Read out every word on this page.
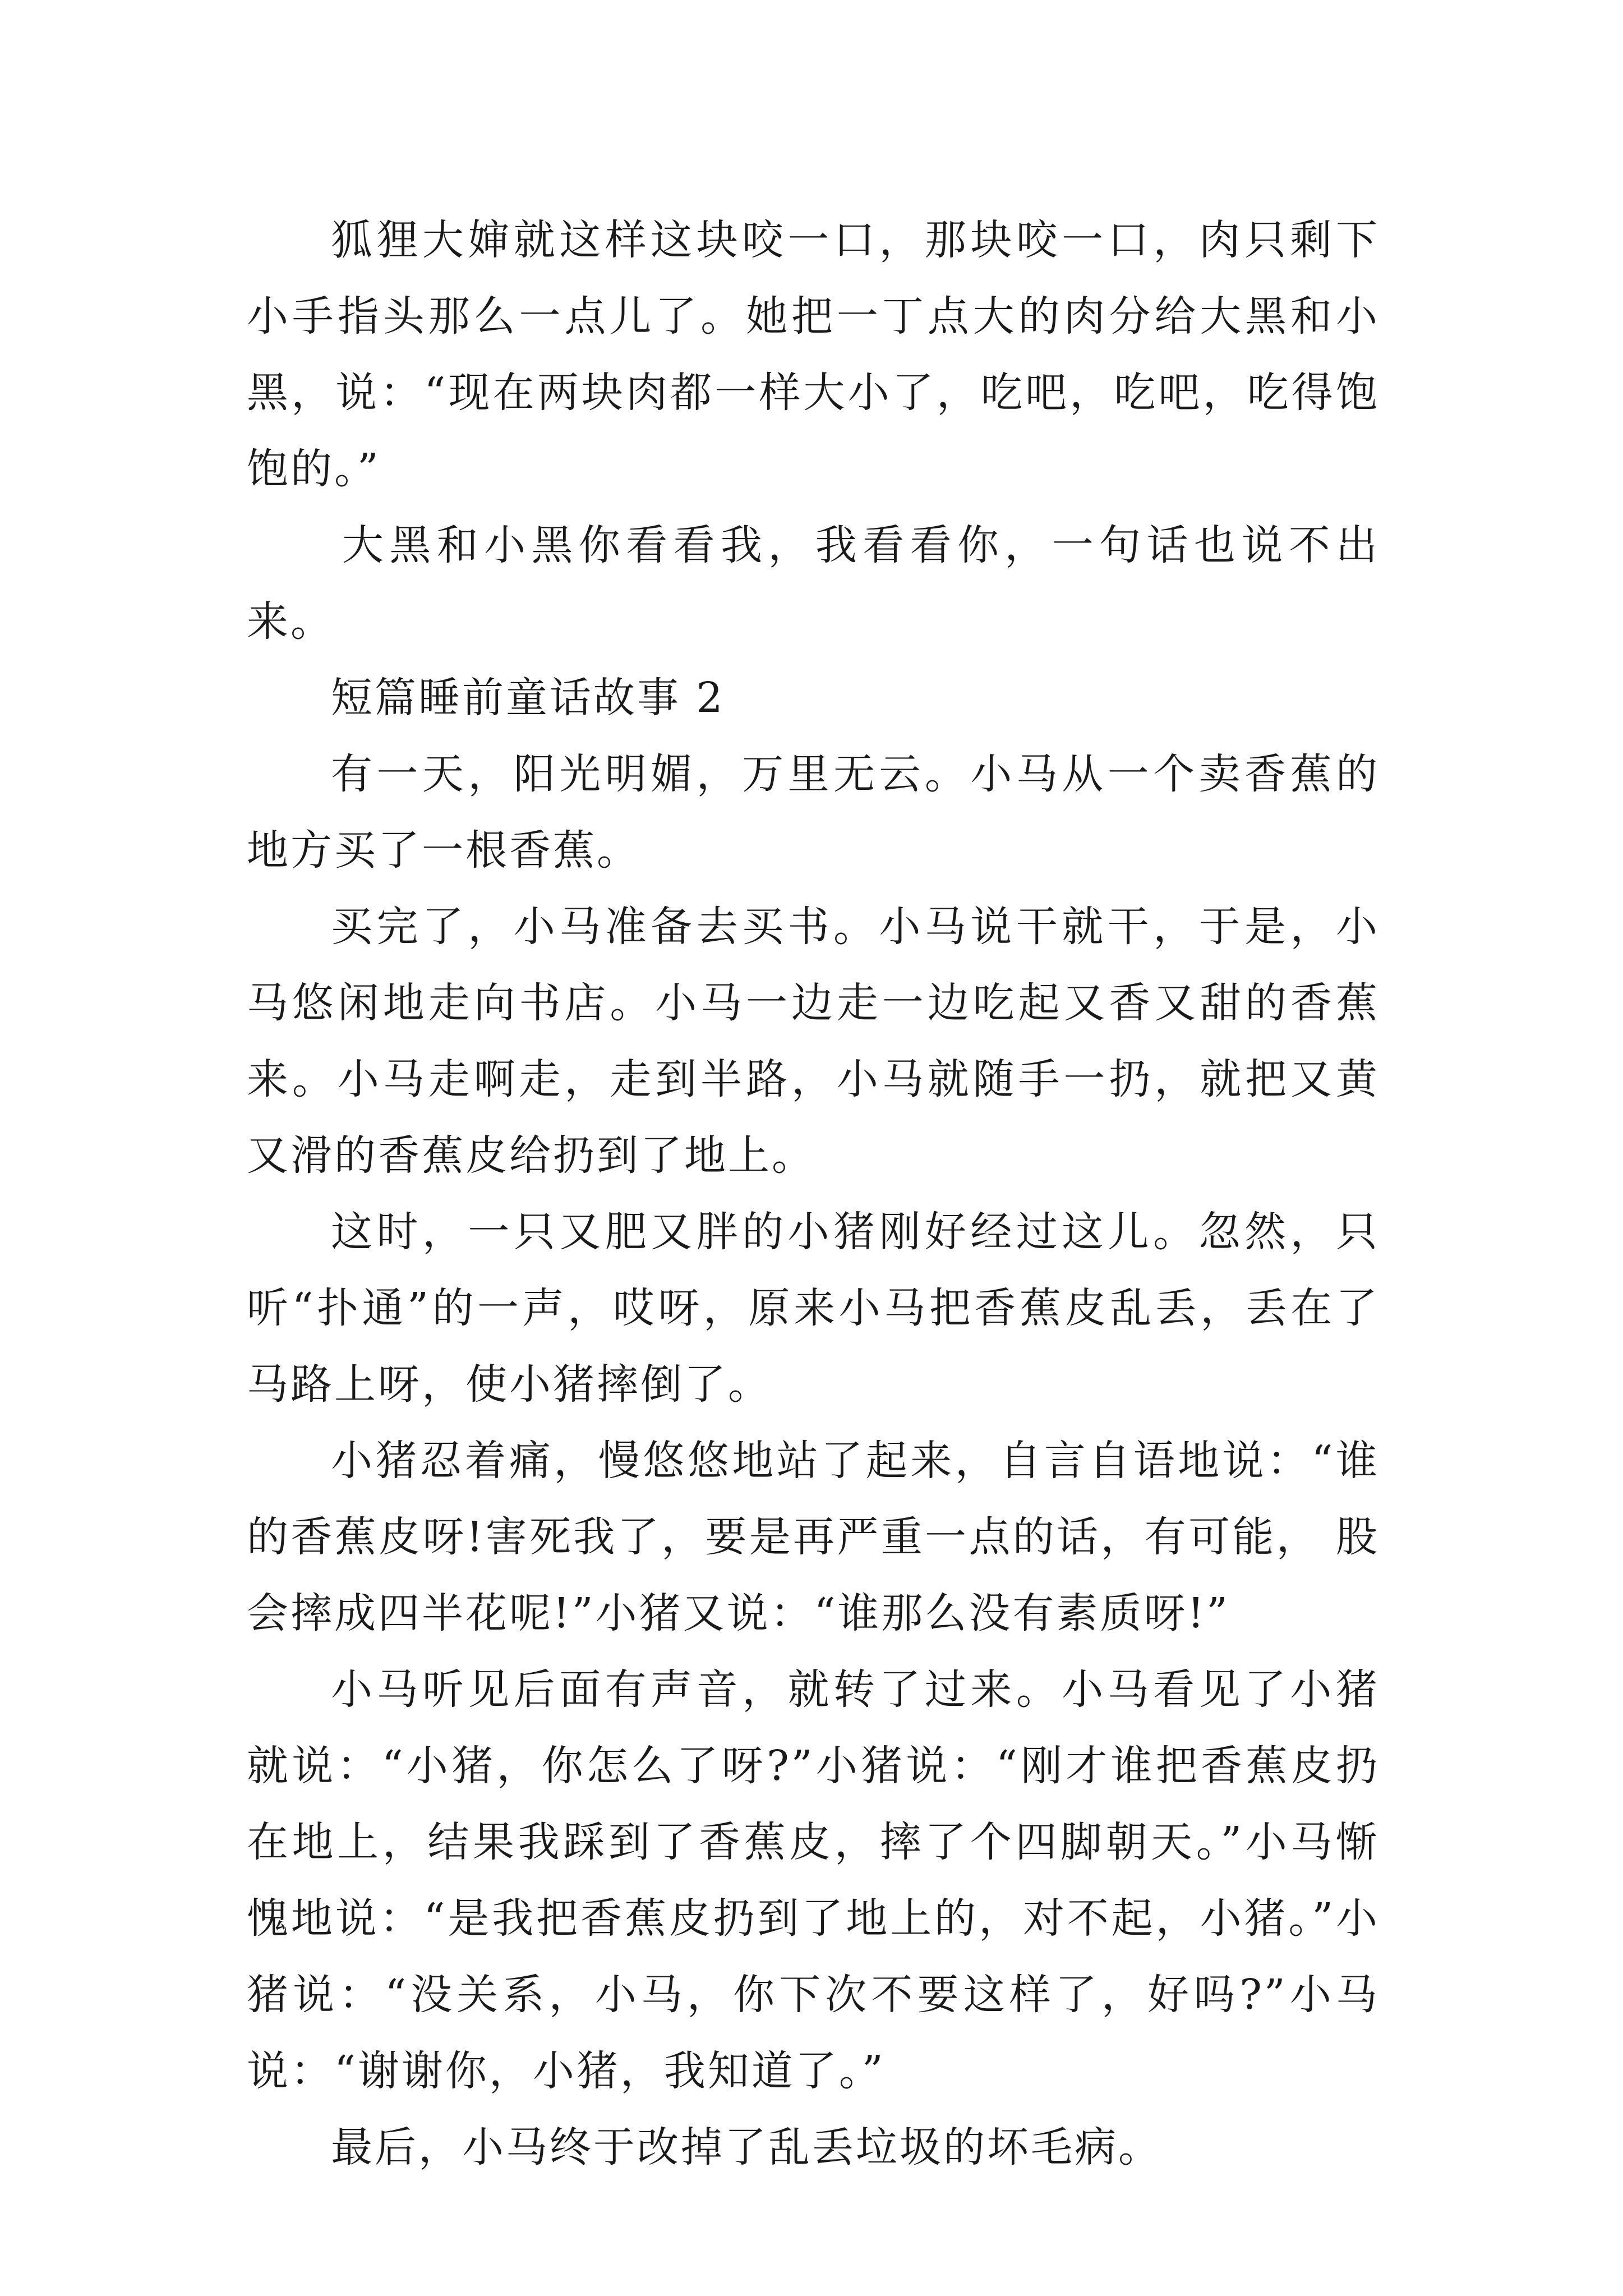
狐狸大婶就这样这块咬一口，那块咬一口，肉只剩下小手指头那么一点儿了。她把一丁点大的肉分给大黑和小黑，说：“现在两块肉都一样大小了，吃吧，吃吧，吃得饱饱的。”

大黑和小黑你看看我，我看看你，一句话也说不出来。

短篇睡前童话故事 2

有一天，阳光明媚，万里无云。小马从一个卖香蕉的地方买了一根香蕉。

买完了，小马准备去买书。小马说干就干，于是，小马悠闲地走向书店。小马一边走一边吃起又香又甜的香蕉来。小马走啊走，走到半路，小马就随手一扔，就把又黄又滑的香蕉皮给扔到了地上。

这时，一只又肥又胖的小猪刚好经过这儿。忽然，只听“扑通”的一声，哎呀，原来小马把香蕉皮乱丢，丢在了马路上呀，使小猪摔倒了。

小猪忍着痛，慢悠悠地站了起来，自言自语地说：“谁的香蕉皮呀!害死我了，要是再严重一点的话，有可能， 股会摔成四半花呢!”小猪又说：“谁那么没有素质呀!”

小马听见后面有声音，就转了过来。小马看见了小猪就说：“小猪，你怎么了呀?”小猪说：“刚才谁把香蕉皮扔在地上，结果我踩到了香蕉皮，摔了个四脚朝天。”小马惭愧地说：“是我把香蕉皮扔到了地上的，对不起，小猪。”小猪说：“没关系，小马，你下次不要这样了，好吗?”小马说：“谢谢你，小猪，我知道了。”

最后，小马终于改掉了乱丢垃圾的坏毛病。
